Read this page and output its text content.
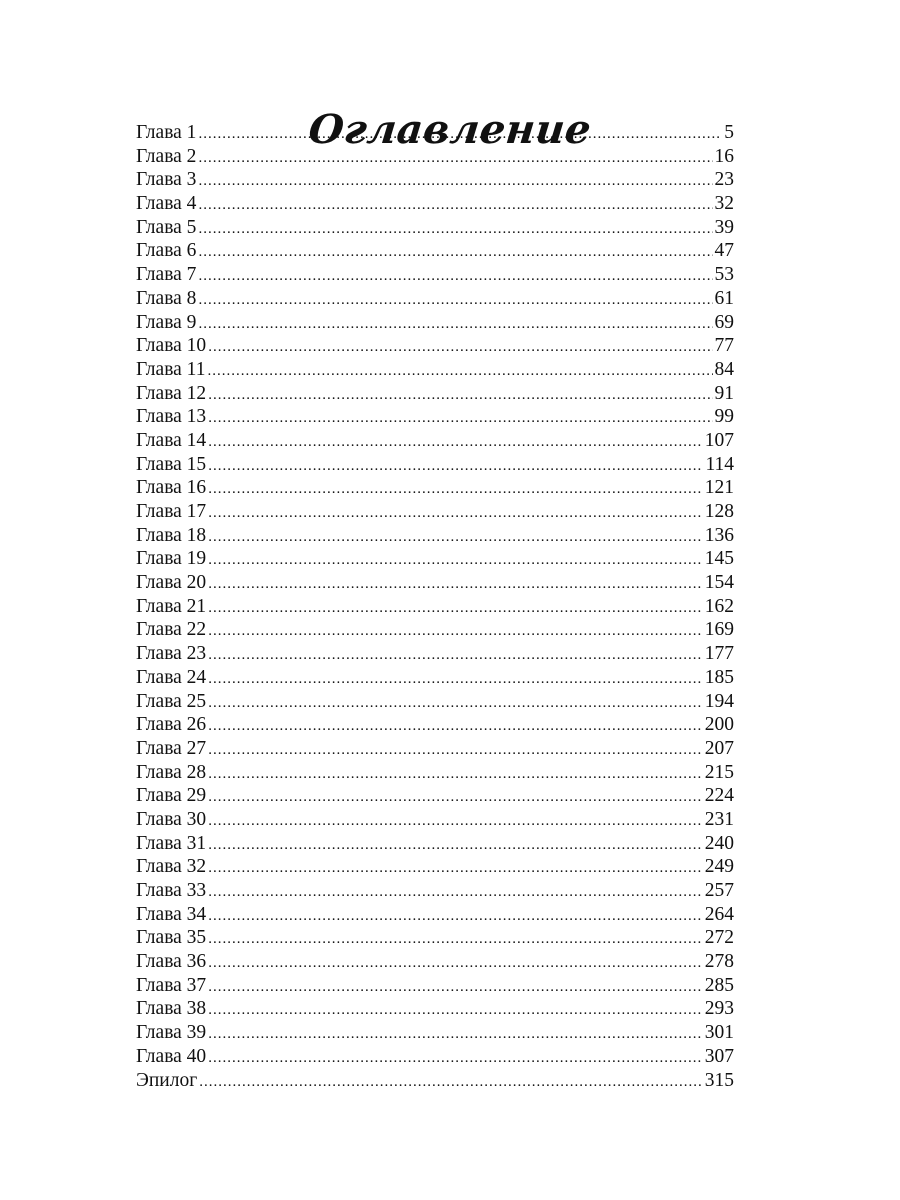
Оглавление
Глава 1 .....	5
Глава 2 .....	16
Глава 3 .....	23
Глава 4 .....	32
Глава 5 .....	39
Глава 6 .....	47
Глава 7 .....	53
Глава 8 .....	61
Глава 9 .....	69
Глава 10 .....	77
Глава 11 .....	84
Глава 12 .....	91
Глава 13 .....	99
Глава 14 .....	107
Глава 15 .....	114
Глава 16 .....	121
Глава 17 .....	128
Глава 18 .....	136
Глава 19 .....	145
Глава 20 .....	154
Глава 21 .....	162
Глава 22 .....	169
Глава 23 .....	177
Глава 24 .....	185
Глава 25 .....	194
Глава 26 .....	200
Глава 27 .....	207
Глава 28 .....	215
Глава 29 .....	224
Глава 30 .....	231
Глава 31 .....	240
Глава 32 .....	249
Глава 33 .....	257
Глава 34 .....	264
Глава 35 .....	272
Глава 36 .....	278
Глава 37 .....	285
Глава 38 .....	293
Глава 39 .....	301
Глава 40 .....	307
Эпилог .....	315
